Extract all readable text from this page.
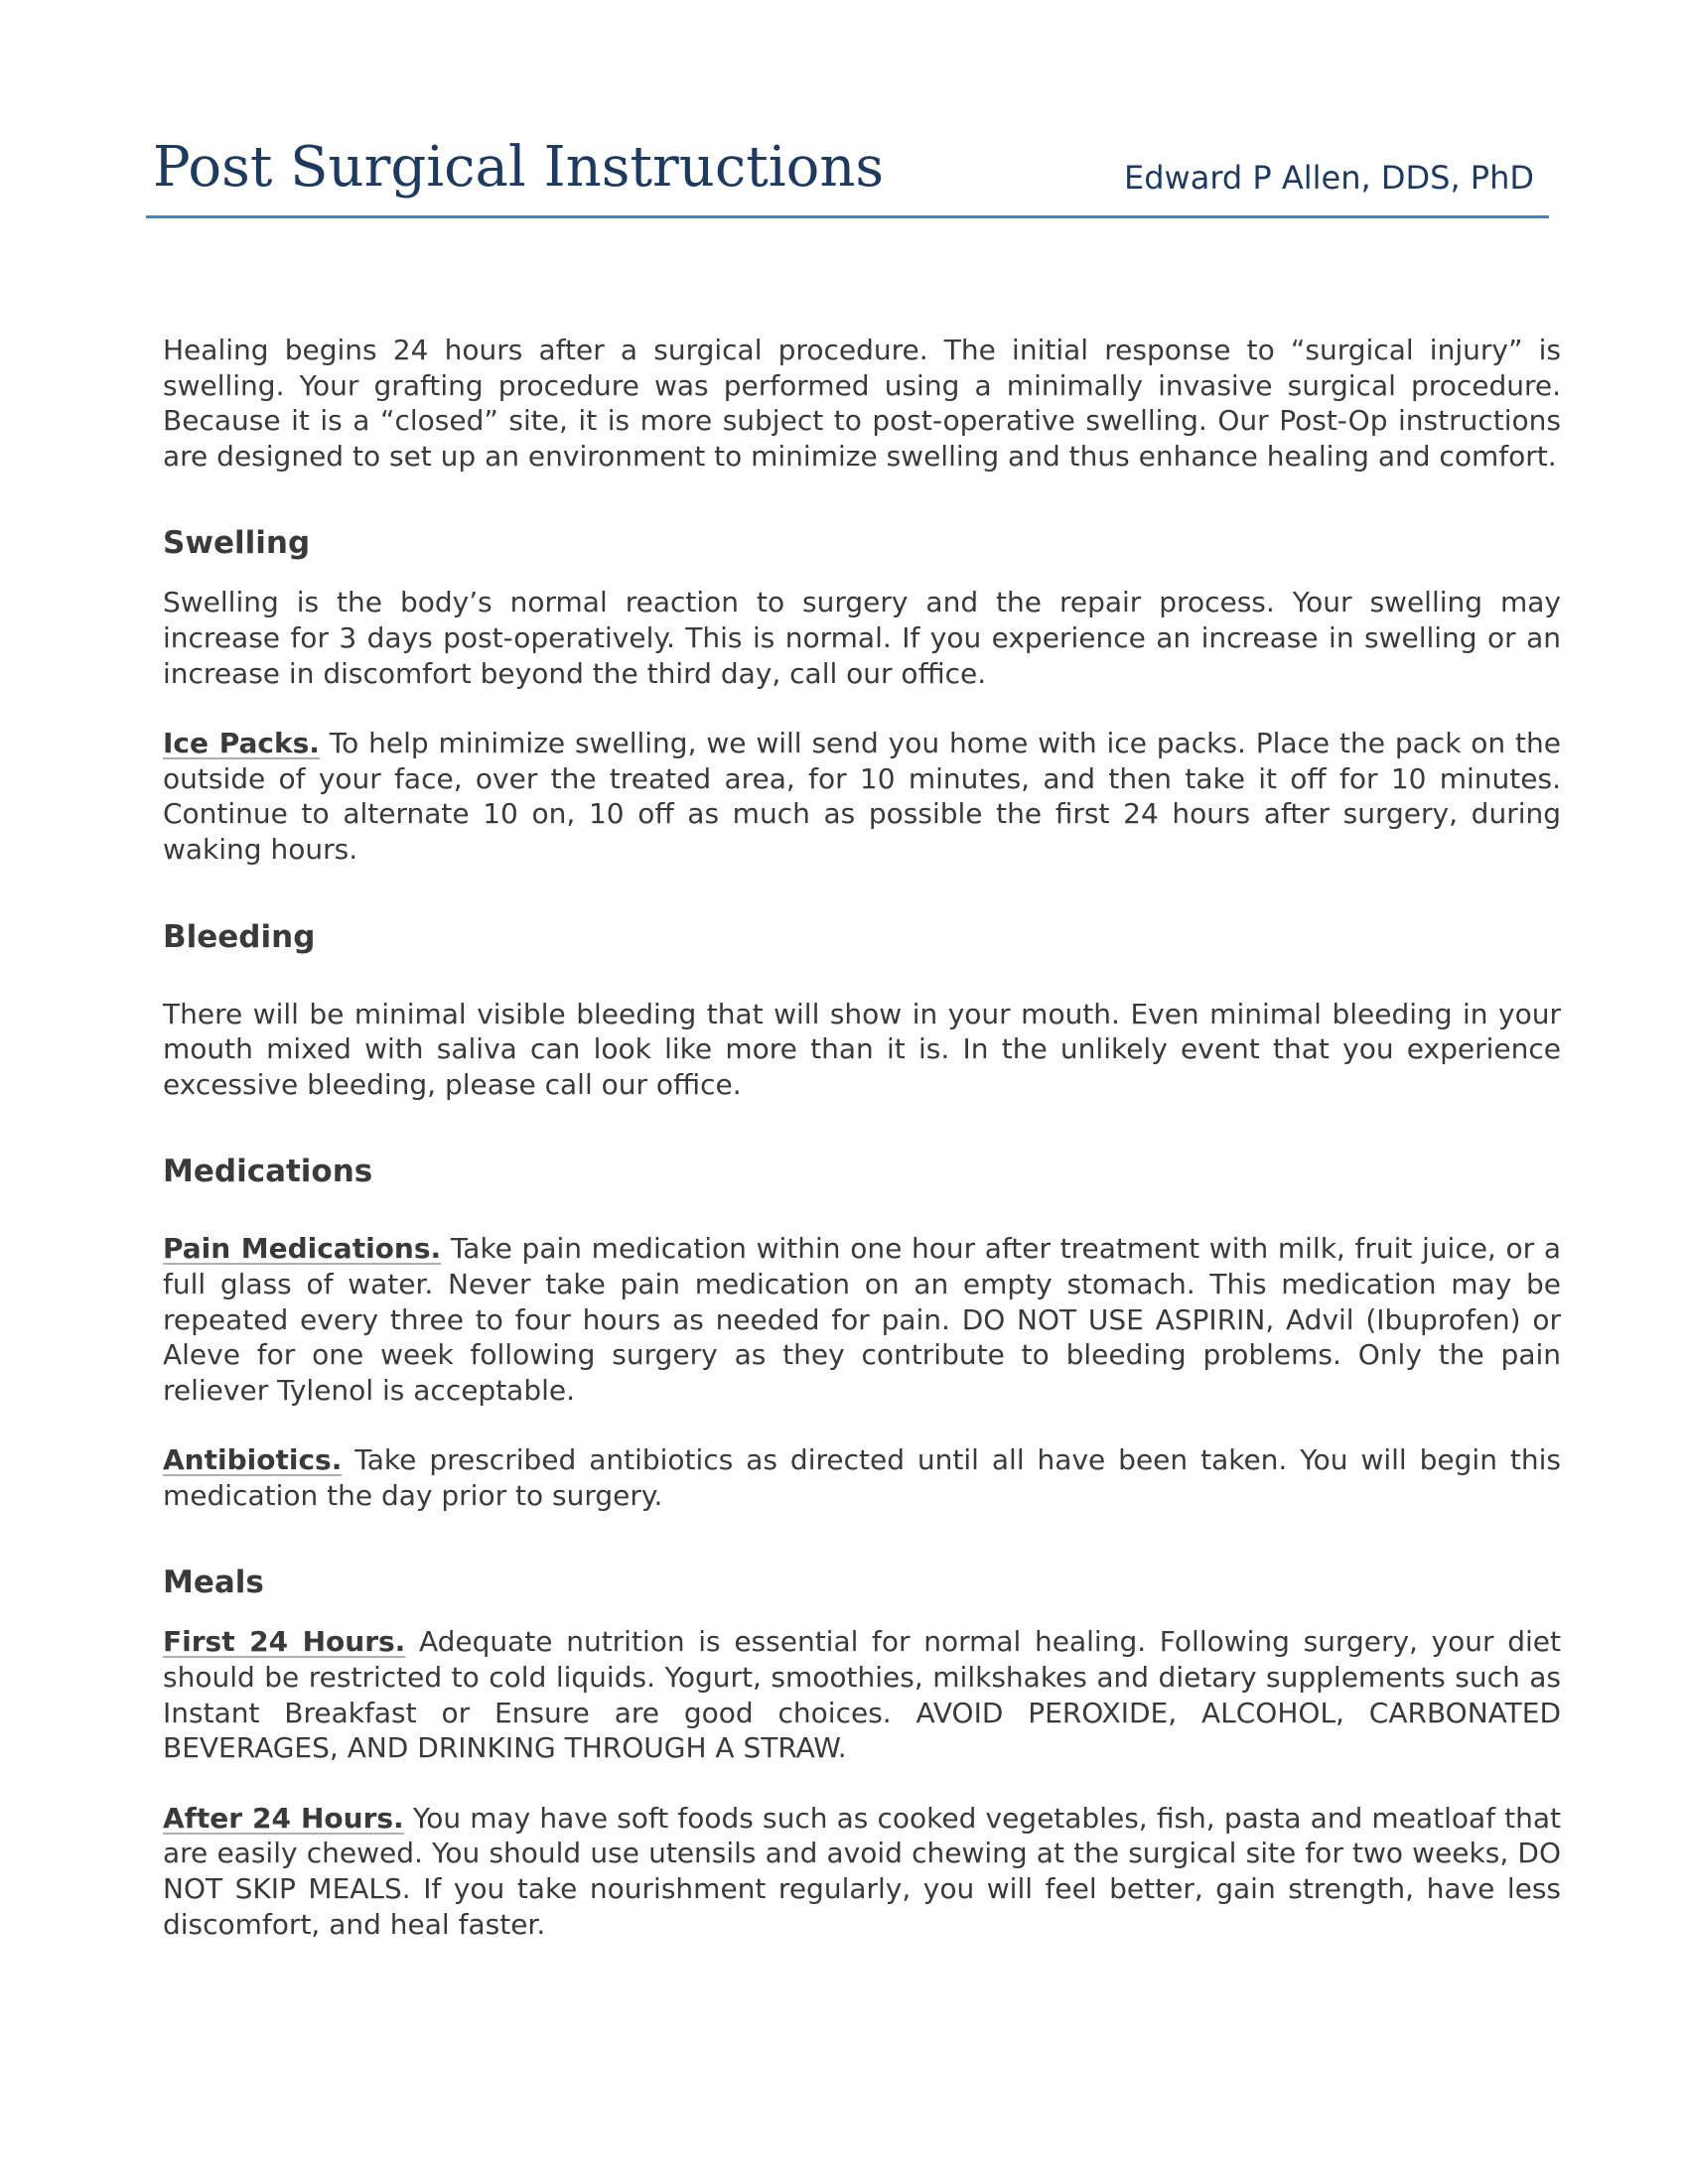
Post Surgical Instructions	Edward P Allen, DDS, PhD

Healing begins 24 hours after a surgical procedure. The initial response to “surgical injury” is swelling. Your grafting procedure was performed using a minimally invasive surgical procedure. Because it is a “closed” site, it is more subject to post-operative swelling. Our Post-Op instructions are designed to set up an environment to minimize swelling and thus enhance healing and comfort.

Swelling

Swelling is the body’s normal reaction to surgery and the repair process. Your swelling may increase for 3 days post-operatively. This is normal. If you experience an increase in swelling or an increase in discomfort beyond the third day, call our office.

Ice Packs. To help minimize swelling, we will send you home with ice packs. Place the pack on the outside of your face, over the treated area, for 10 minutes, and then take it off for 10 minutes. Continue to alternate 10 on, 10 off as much as possible the first 24 hours after surgery, during waking hours.

Bleeding

There will be minimal visible bleeding that will show in your mouth. Even minimal bleeding in your mouth mixed with saliva can look like more than it is. In the unlikely event that you experience excessive bleeding, please call our office.

Medications

Pain Medications. Take pain medication within one hour after treatment with milk, fruit juice, or a full glass of water. Never take pain medication on an empty stomach. This medication may be repeated every three to four hours as needed for pain. DO NOT USE ASPIRIN, Advil (Ibuprofen) or Aleve for one week following surgery as they contribute to bleeding problems. Only the pain reliever Tylenol is acceptable.

Antibiotics. Take prescribed antibiotics as directed until all have been taken. You will begin this medication the day prior to surgery.

Meals

First 24 Hours. Adequate nutrition is essential for normal healing. Following surgery, your diet should be restricted to cold liquids. Yogurt, smoothies, milkshakes and dietary supplements such as Instant Breakfast or Ensure are good choices. AVOID PEROXIDE, ALCOHOL, CARBONATED BEVERAGES, AND DRINKING THROUGH A STRAW.

After 24 Hours. You may have soft foods such as cooked vegetables, fish, pasta and meatloaf that are easily chewed. You should use utensils and avoid chewing at the surgical site for two weeks, DO NOT SKIP MEALS. If you take nourishment regularly, you will feel better, gain strength, have less discomfort, and heal faster.
